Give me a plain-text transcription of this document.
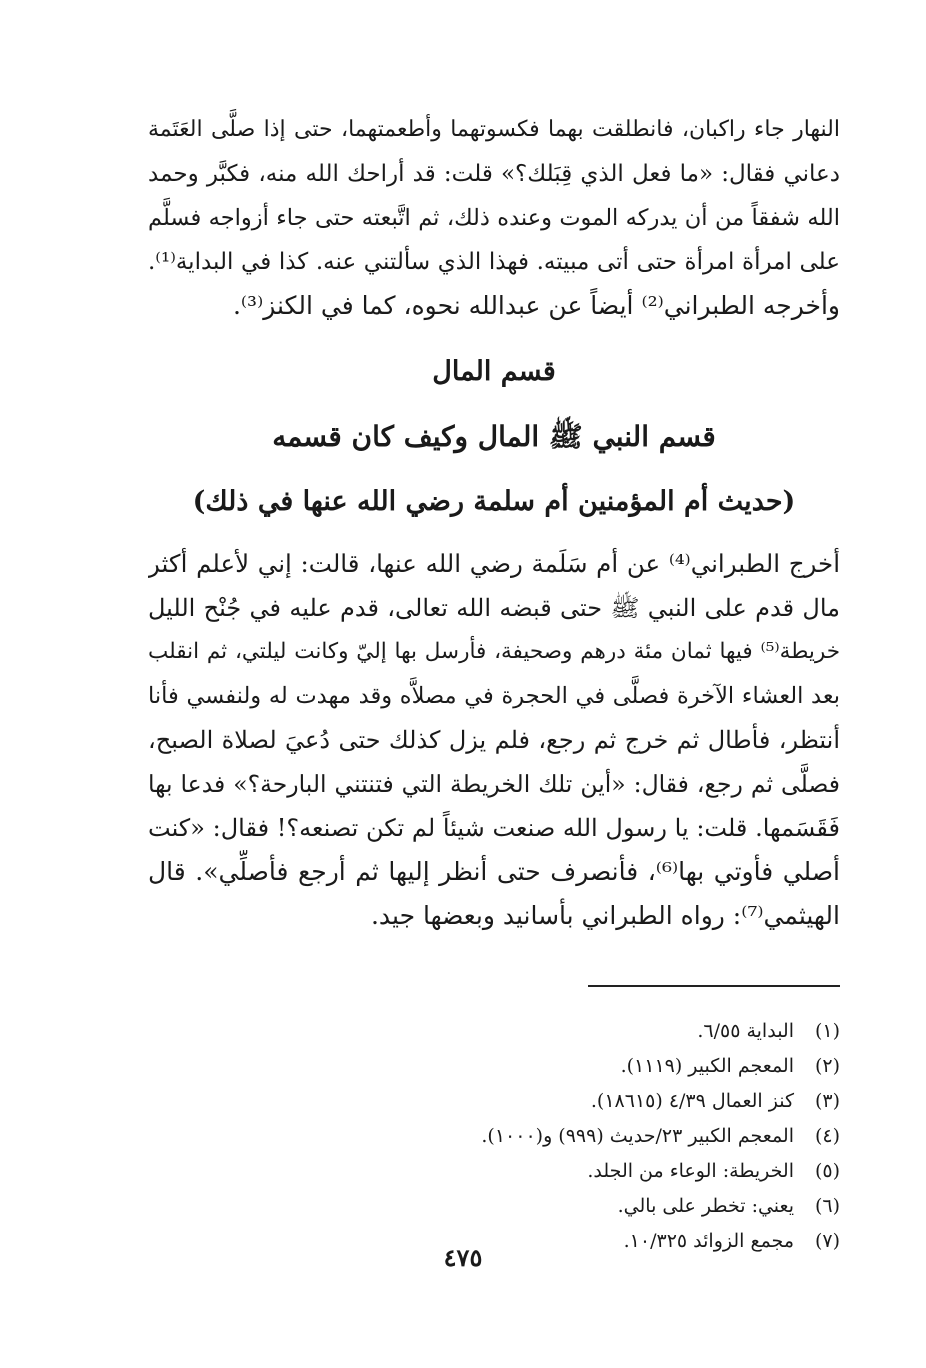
النهار جاء راكبان، فانطلقت بهما فكسوتهما وأطعمتهما، حتى إذا صلَّى العَتَمة
دعاني فقال: «ما فعل الذي قِبَلك؟» قلت: قد أراحك الله منه، فكبَّر وحمد
الله شفقاً من أن يدركه الموت وعنده ذلك، ثم اتَّبعته حتى جاء أزواجه فسلَّم
على امرأة امرأة حتى أتى مبيته. فهذا الذي سألتني عنه. كذا في البداية⁽¹⁾.
وأخرجه الطبراني⁽²⁾ أيضاً عن عبدالله نحوه، كما في الكنز⁽³⁾.
قسم المال
قسم النبي ﷺ المال وكيف كان قسمه
(حديث أم المؤمنين أم سلمة رضي الله عنها في ذلك)
أخرج الطبراني⁽⁴⁾ عن أم سَلَمة رضي الله عنها، قالت: إني لأعلم أكثر
مال قدم على النبي ﷺ حتى قبضه الله تعالى، قدم عليه في جُنْح الليل
خريطة⁽⁵⁾ فيها ثمان مئة درهم وصحيفة، فأرسل بها إليّ وكانت ليلتي، ثم انقلب
بعد العشاء الآخرة فصلَّى في الحجرة في مصلاَّه وقد مهدت له ولنفسي فأنا
أنتظر، فأطال ثم خرج ثم رجع، فلم يزل كذلك حتى دُعيَ لصلاة الصبح،
فصلَّى ثم رجع، فقال: «أين تلك الخريطة التي فتنتني البارحة؟» فدعا بها
فَقَسَمها. قلت: يا رسول الله صنعت شيئاً لم تكن تصنعه؟! فقال: «كنت
أصلي فأوتي بها⁽⁶⁾، فأنصرف حتى أنظر إليها ثم أرجع فأصلِّي». قال
الهيثمي⁽⁷⁾: رواه الطبراني بأسانيد وبعضها جيد.
(١)البداية ٦/٥٥.
(٢)المعجم الكبير (١١١٩).
(٣)كنز العمال ٤/٣٩ (١٨٦١٥).
(٤)المعجم الكبير ٢٣/حديث (٩٩٩) و(١٠٠٠).
(٥)الخريطة: الوعاء من الجلد.
(٦)يعني: تخطر على بالي.
(٧)مجمع الزوائد ١٠/٣٢٥.
٤٧٥
